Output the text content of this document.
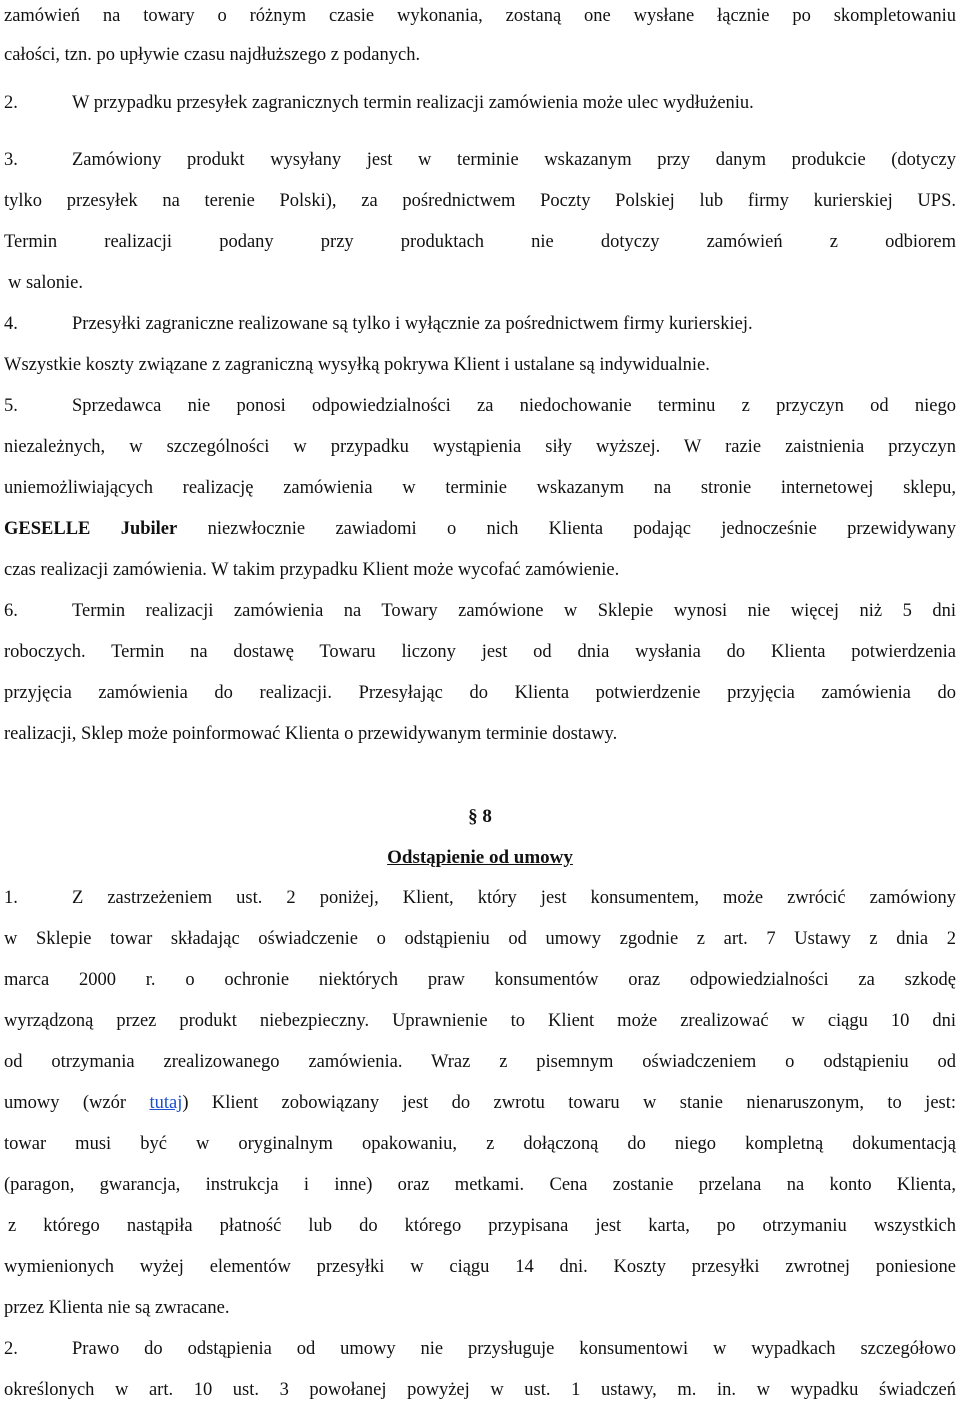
zamówień na towary o różnym czasie wykonania, zostaną one wysłane łącznie po skompletowaniu
całości, tzn. po upływie czasu najdłuższego z podanych.
2.	W przypadku przesyłek zagranicznych termin realizacji zamówienia może ulec wydłużeniu.
3.	Zamówiony produkt wysyłany jest w terminie wskazanym przy danym produkcie (dotyczy
tylko przesyłek na terenie Polski), za pośrednictwem Poczty Polskiej lub firmy kurierskiej UPS.
Termin realizacji podany przy produktach nie dotyczy zamówień z odbiorem
w salonie.
4.	Przesyłki zagraniczne realizowane są tylko i wyłącznie za pośrednictwem firmy kurierskiej.
Wszystkie koszty związane z zagraniczną wysyłką pokrywa Klient i ustalane są indywidualnie.
5.	Sprzedawca nie ponosi odpowiedzialności za niedochowanie terminu z przyczyn od niego
niezależnych, w szczególności w przypadku wystąpienia siły wyższej. W razie zaistnienia przyczyn
uniemożliwiających realizację zamówienia w terminie wskazanym na stronie internetowej sklepu,
GESELLE Jubiler niezwłocznie zawiadomi o nich Klienta podając jednocześnie przewidywany
czas realizacji zamówienia. W takim przypadku Klient może wycofać zamówienie.
6.	Termin realizacji zamówienia na Towary zamówione w Sklepie wynosi nie więcej niż 5 dni
roboczych. Termin na dostawę Towaru liczony jest od dnia wysłania do Klienta potwierdzenia
przyjęcia zamówienia do realizacji. Przesyłając do Klienta potwierdzenie przyjęcia zamówienia do
realizacji, Sklep może poinformować Klienta o przewidywanym terminie dostawy.
§ 8
Odstąpienie od umowy
1.	Z zastrzeżeniem ust. 2 poniżej, Klient, który jest konsumentem, może zwrócić zamówiony
w Sklepie towar składając oświadczenie o odstąpieniu od umowy zgodnie z art. 7 Ustawy z dnia 2
marca 2000 r. o ochronie niektórych praw konsumentów oraz odpowiedzialności za szkodę
wyrządzoną przez produkt niebezpieczny. Uprawnienie to Klient może zrealizować w ciągu 10 dni
od otrzymania zrealizowanego zamówienia. Wraz z pisemnym oświadczeniem o odstąpieniu od
umowy (wzór tutaj) Klient zobowiązany jest do zwrotu towaru w stanie nienaruszonym, to jest:
towar musi być w oryginalnym opakowaniu, z dołączoną do niego kompletną dokumentacją
(paragon, gwarancja, instrukcja i inne) oraz metkami. Cena zostanie przelana na konto Klienta,
z którego nastąpiła płatność lub do którego przypisana jest karta, po otrzymaniu wszystkich
wymienionych wyżej elementów przesyłki w ciągu 14 dni. Koszty przesyłki zwrotnej poniesione
przez Klienta nie są zwracane.
2.	Prawo do odstąpienia od umowy nie przysługuje konsumentowi w wypadkach szczegółowo
określonych w art. 10 ust. 3 powołanej powyżej w ust. 1 ustawy, m. in. w wypadku świadczeń
